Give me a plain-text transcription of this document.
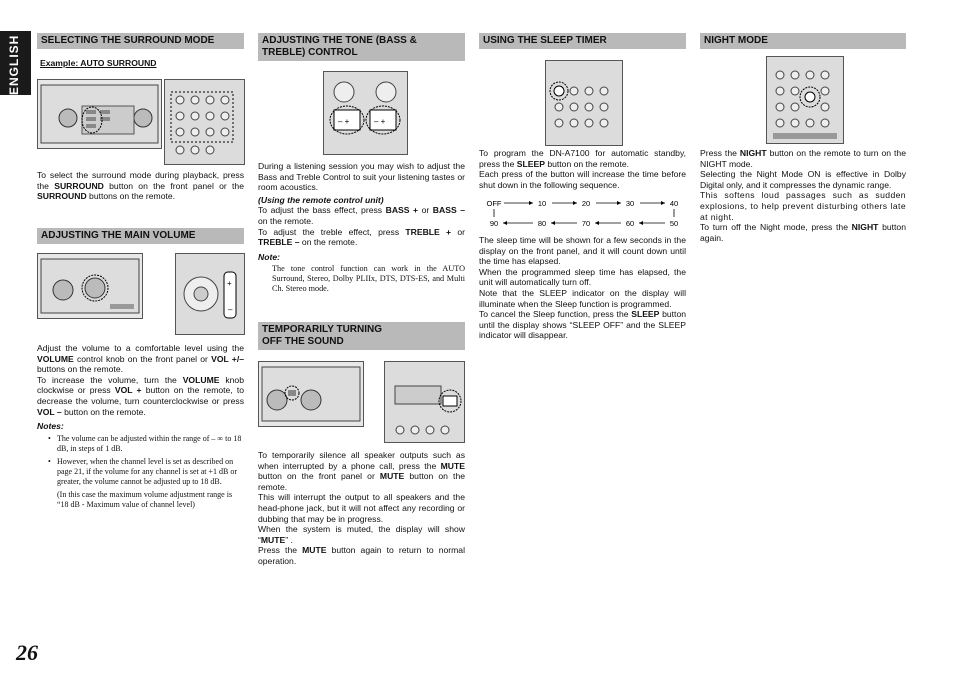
ENGLISH	SELECTING THE SURROUND MODE
Example: AUTO SURROUND

To select the surround mode during playback, press the SURROUND button on the front panel or the SURROUND buttons on the remote.

ADJUSTING THE MAIN VOLUME
+
–

Adjust the volume to a comfortable level using the VOLUME control knob on the front panel or VOL +/– buttons on the remote.

To increase the volume, turn the VOLUME knob clockwise or press VOL + button on the remote, to decrease the volume, turn counterclockwise or press VOL – button on the remote.

Notes:
• The volume can be adjusted within the range of – ∞ to 18 dB, in steps of 1 dB.
• However, when the channel level is set as described on page 21, if the volume for any channel is set at +1 dB or greater, the volume cannot be adjusted up to 18 dB.
(In this case the maximum volume adjustment range is “18 dB - Maximum value of channel level)
ADJUSTING THE TONE (BASS & TREBLE) CONTROL
– +	– +

During a listening session you may wish to adjust the Bass and Treble Control to suit your listening tastes or room acoustics.

(Using the remote control unit)

To adjust the bass effect, press BASS + or BASS – on the remote.

To adjust the treble effect, press TREBLE + or TREBLE – on the remote.

Note:

The tone control function can work in the AUTO Surround, Stereo, Dolby PLIIx, DTS, DTS-ES, and Multi Ch. Stereo mode.

TEMPORARILY TURNING OFF THE SOUND

To temporarily silence all speaker outputs such as when interrupted by a phone call, press the MUTE button on the front panel or MUTE button on the remote.

This will interrupt the output to all speakers and the head-phone jack, but it will not affect any recording or dubbing that may be in progress.

When the system is muted, the display will show “MUTE” .

Press the MUTE button again to return to normal operation.

USING THE SLEEP TIMER

To program the DN-A7100 for automatic standby, press the SLEEP button on the remote.

Each press of the button will increase the time before shut down in the following sequence.

OFF	10	20	30	40
90	80	70	60	50

The sleep time will be shown for a few seconds in the display on the front panel, and it will count down until the time has elapsed.

When the programmed sleep time has elapsed, the unit will automatically turn off.

Note that the SLEEP indicator on the display will illuminate when the Sleep function is programmed.

To cancel the Sleep function, press the SLEEP button until the display shows “SLEEP OFF” and the SLEEP indicator will disappear.

NIGHT MODE

Press the NIGHT button on the remote to turn on the NIGHT mode.

Selecting the Night Mode ON is effective in Dolby Digital only, and it compresses the dynamic range.

This softens loud passages such as sudden explosions, to help prevent disturbing others late at night.

To turn off the Night mode, press the NIGHT button again.

26
